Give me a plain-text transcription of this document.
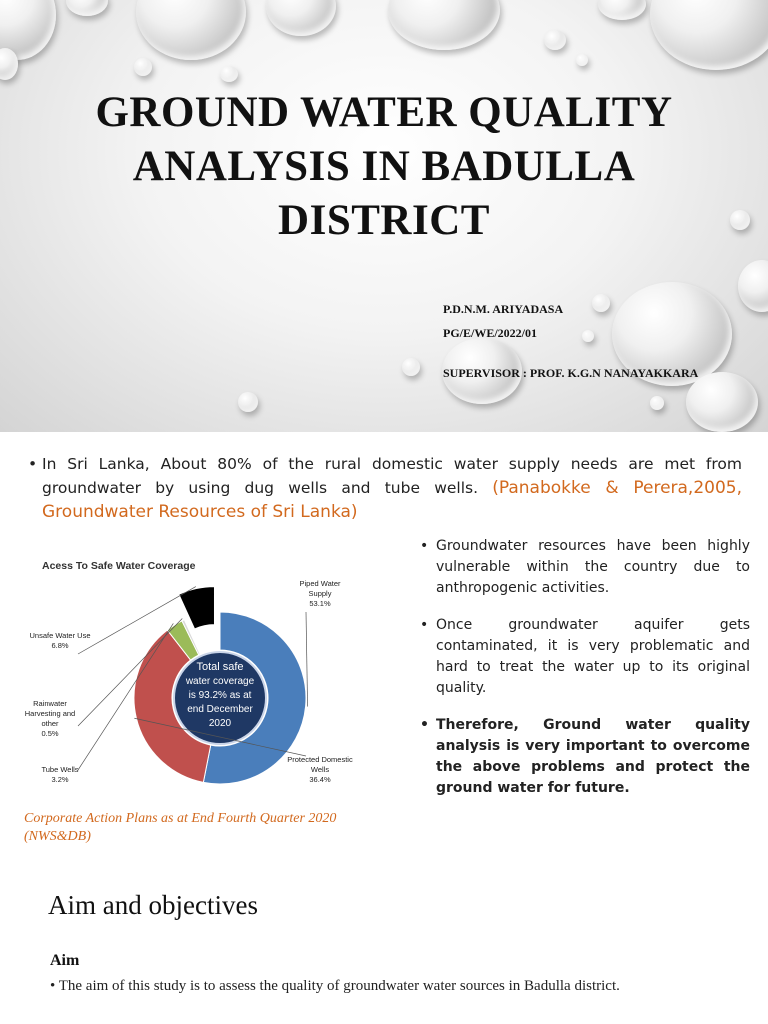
GROUND WATER QUALITY ANALYSIS IN BADULLA DISTRICT
P.D.N.M. ARIYADASA
PG/E/WE/2022/01
SUPERVISOR : PROF. K.G.N NANAYAKKARA
• In Sri Lanka, About 80% of the rural domestic water supply needs are met from groundwater by using dug wells and tube wells. (Panabokke & Perera,2005, Groundwater Resources of Sri Lanka)
Acess To Safe Water Coverage
Total safe
water coverage
is 93.2% as at
end December
2020
Piped Water
Supply
53.1%
Protected Domestic
Wells
36.4%
Tube Wells
3.2%
Rainwater
Harvesting and
other
0.5%
Unsafe Water Use
6.8%
Corporate Action Plans as at End Fourth Quarter 2020 (NWS&DB)
• Groundwater resources have been highly vulnerable within the country due to anthropogenic activities.
• Once groundwater aquifer gets contaminated, it is very problematic and hard to treat the water up to its original quality.
• Therefore, Ground water quality analysis is very important to overcome the above problems and protect the ground water for future.
Aim and objectives
Aim
• The aim of this study is to assess the quality of groundwater water sources in Badulla district.
